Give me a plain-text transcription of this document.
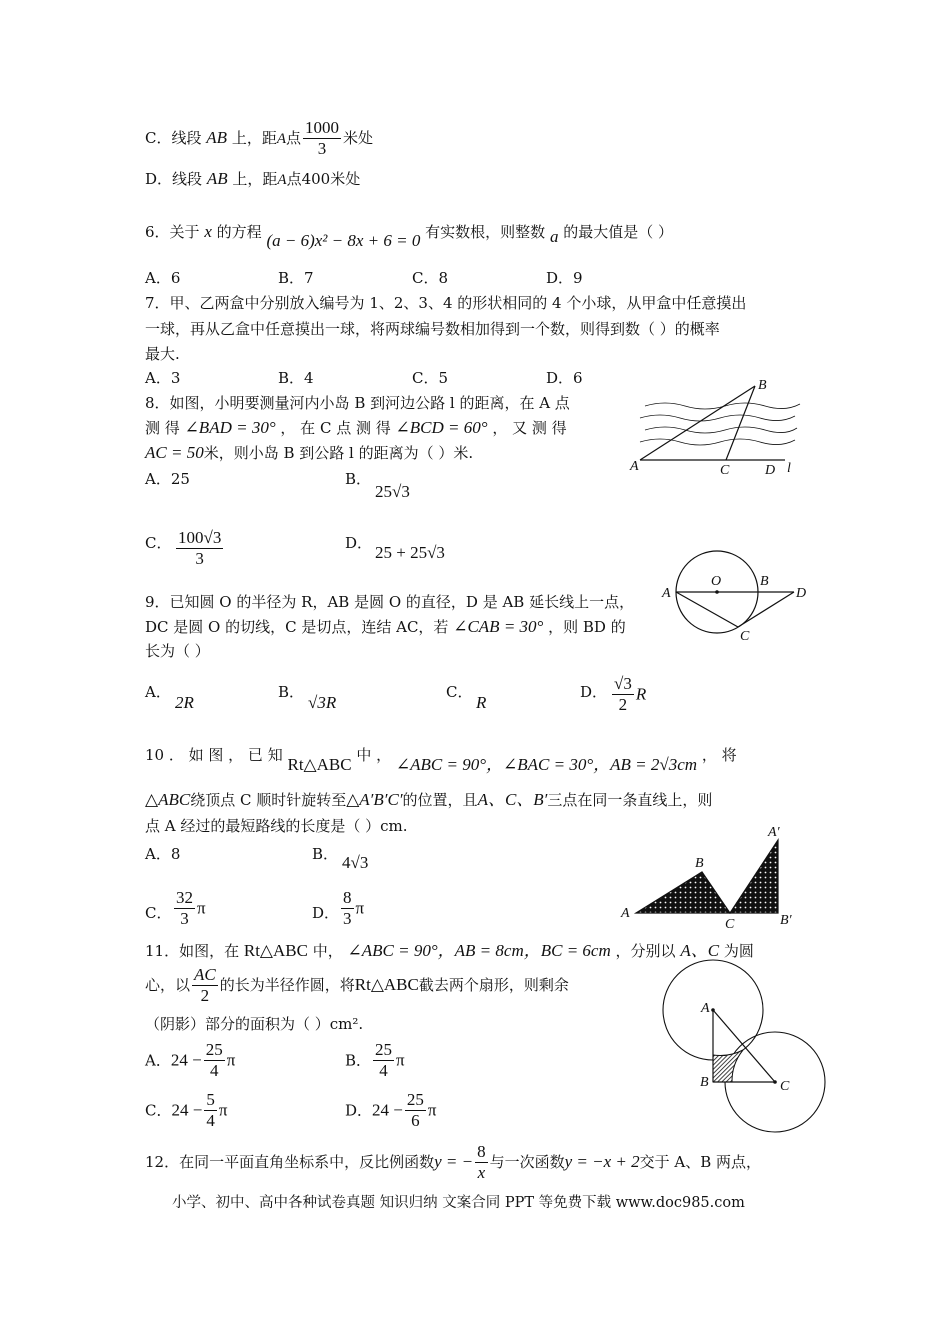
C．线段 AB 上，距A点 $\frac{1000}{3}$ 米处
D．线段 AB 上，距A点400米处
6．关于 x 的方程 (a − 6)x² − 8x + 6 = 0 有实数根，则整数 a 的最大值是（ ）
A．6	B．7	C．8	D．9
7．甲、乙两盒中分别放入编号为 1、2、3、4 的形状相同的 4 个小球，从甲盒中任意摸出
一球，再从乙盒中任意摸出一球，将两球编号数相加得到一个数，则得到数（ ）的概率
最大.
A．3	B．4	C．5	D．6
8．如图，小明要测量河内小岛 B 到河边公路 l 的距离，在 A 点
测 得 ∠BAD = 30° ， 在 C 点 测 得 ∠BCD = 60° ， 又 测 得
AC = 50米，则小岛 B 到公路 l 的距离为（ ）米.
A．25	B．
25√3
C． $\frac{100√3}{3}$	D． 25 + 25√3
B
A	C	D l
9．已知圆 O 的半径为 R，AB 是圆 O 的直径，D 是 AB 延长线上一点，
DC 是圆 O 的切线，C 是切点，连结 AC，若 ∠CAB = 30° ，则 BD 的
长为（ ）
A．
2R
B．
√3R
C．
R
D． $\frac{√3}{2}$ R
O	B
A	D
C
10 ． 如 图 ， 已 知 Rt△ABC 中 ， ∠ABC = 90°，∠BAC = 30°，AB = 2√3cm ， 将
△ABC绕顶点 C 顺时针旋转至△A′B′C′的位置，且A、C、B′三点在同一条直线上，则
点 A 经过的最短路线的长度是（ ）cm.
A．8	B． 4√3
C． $\frac{32}{3}$ π	D． $\frac{8}{3}$ π
A′
B
A
C	B′
11．如图，在 Rt△ABC 中， ∠ABC = 90°，AB = 8cm，BC = 6cm ，分别以 A、C 为圆
心，以 $\frac{AC}{2}$ 的长为半径作圆，将Rt△ABC截去两个扇形，则剩余
（阴影）部分的面积为（ ）cm².
A．$24 - \frac{25}{4}$ π	B． $\frac{25}{4}$ π
C．$24 - \frac{5}{4}$ π	D．$24 - \frac{25}{6}$ π
A
B	C
12．在同一平面直角坐标系中，反比例函数y = − $\frac{8}{x}$ 与一次函数y = −x + 2交于 A、B 两点，
小学、初中、高中各种试卷真题 知识归纳 文案合同 PPT 等免费下载 www.doc985.com
